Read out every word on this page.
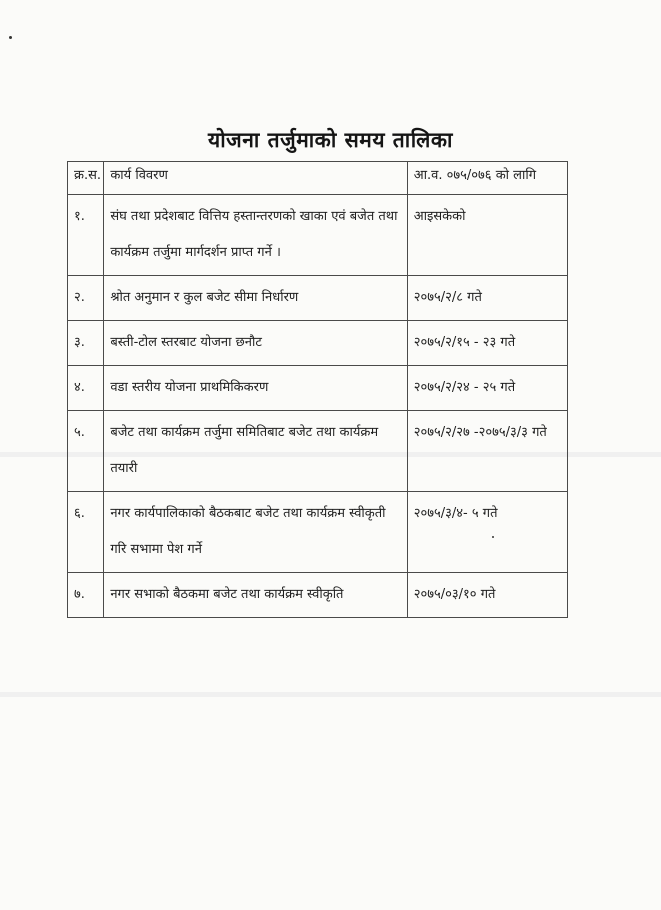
योजना तर्जुमाको समय तालिका
क्र.स.	कार्य विवरण	आ.व. ०७५/०७६ को लागि
१.	संघ तथा प्रदेशबाट वित्तिय हस्तान्तरणको खाका एवं बजेत तथा कार्यक्रम तर्जुमा मार्गदर्शन प्राप्त गर्ने ।	आइसकेको
२.	श्रोत अनुमान र कुल बजेट सीमा निर्धारण	२०७५/२/८ गते
३.	बस्ती-टोल स्तरबाट योजना छनौट	२०७५/२/१५ - २३ गते
४.	वडा स्तरीय योजना प्राथमिकिकरण	२०७५/२/२४ - २५ गते
५.	बजेट तथा कार्यक्रम तर्जुमा समितिबाट बजेट तथा कार्यक्रम तयारी	२०७५/२/२७ -२०७५/३/३ गते

६.	नगर कार्यपालिकाको बैठकबाट बजेट तथा कार्यक्रम स्वीकृती गरि सभामा पेश गर्ने	२०७५/३/४- ५ गते
७.	नगर सभाको बैठकमा बजेट तथा कार्यक्रम स्वीकृति	२०७५/०३/१० गते
